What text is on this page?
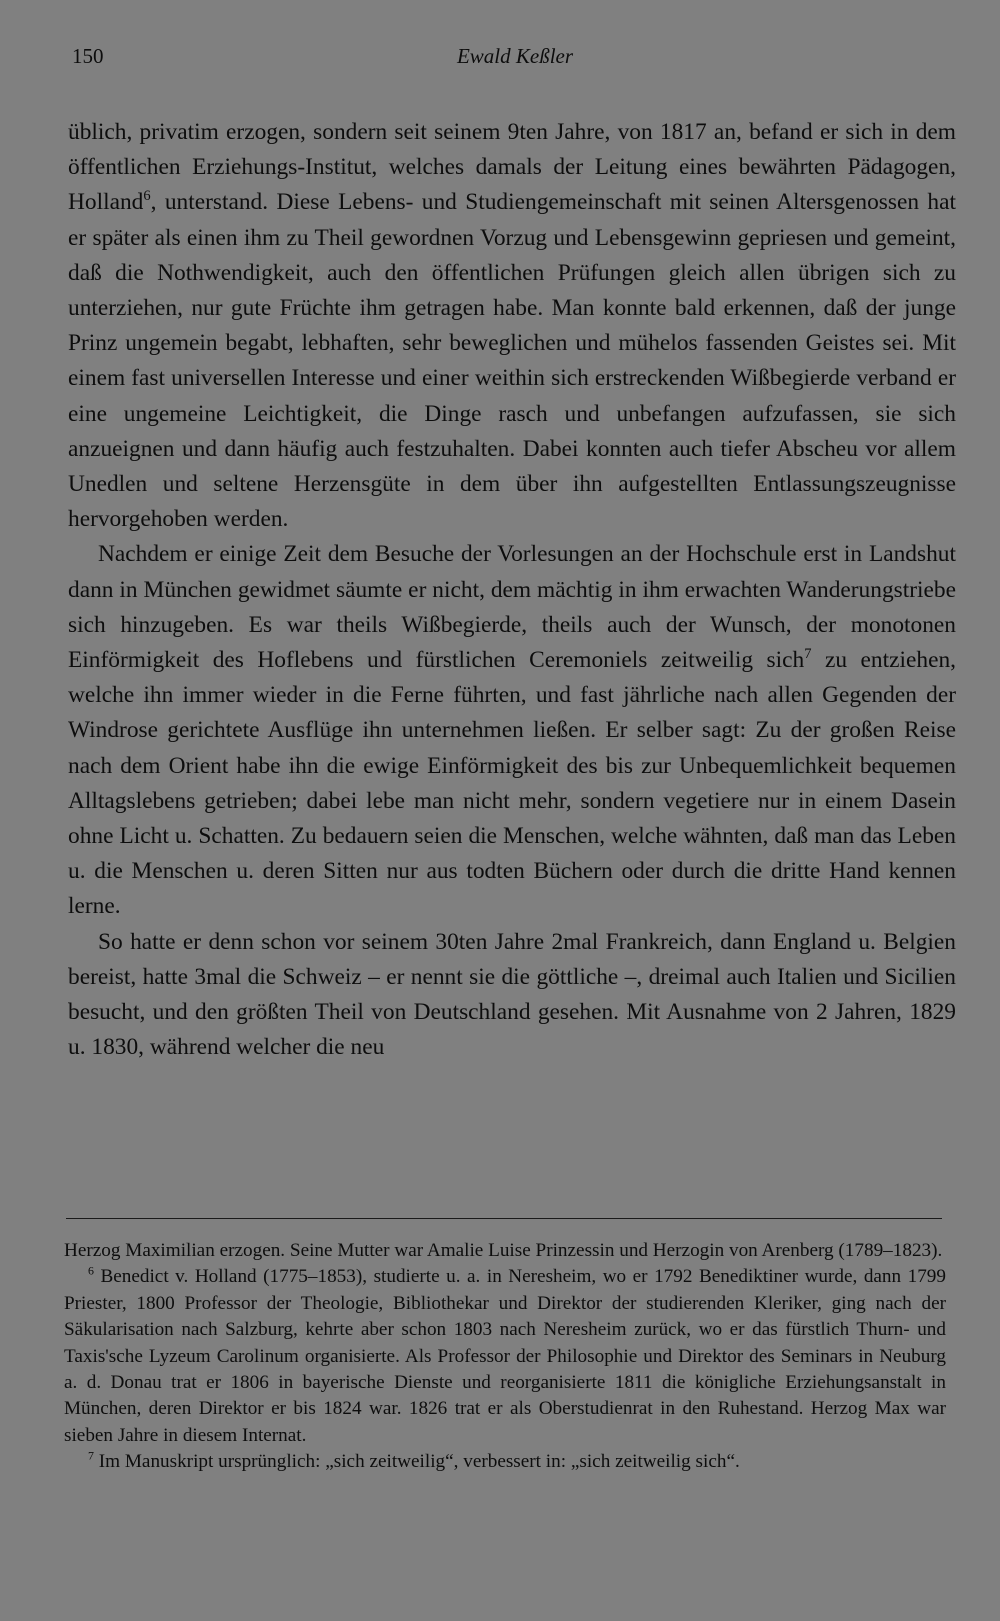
150	Ewald Keßler

üblich, privatim erzogen, sondern seit seinem 9ten Jahre, von 1817 an, befand er sich in dem öffentlichen Erziehungs-Institut, welches damals der Leitung eines bewährten Pädagogen, Holland$^6$, unterstand. Diese Lebens- und Studiengemeinschaft mit seinen Altersgenossen hat er später als einen ihm zu Theil gewordnen Vorzug und Lebensgewinn gepriesen und gemeint, daß die Nothwendigkeit, auch den öffentlichen Prüfungen gleich allen übrigen sich zu unterziehen, nur gute Früchte ihm getragen habe. Man konnte bald erkennen, daß der junge Prinz ungemein begabt, lebhaften, sehr beweglichen und mühelos fassenden Geistes sei. Mit einem fast universellen Interesse und einer weithin sich erstreckenden Wißbegierde verband er eine ungemeine Leichtigkeit, die Dinge rasch und unbefangen aufzufassen, sie sich anzueignen und dann häufig auch festzuhalten. Dabei konnten auch tiefer Abscheu vor allem Unedlen und seltene Herzensgüte in dem über ihn aufgestellten Entlassungszeugnisse hervorgehoben werden.

Nachdem er einige Zeit dem Besuche der Vorlesungen an der Hochschule erst in Landshut dann in München gewidmet säumte er nicht, dem mächtig in ihm erwachten Wanderungstriebe sich hinzugeben. Es war theils Wißbegierde, theils auch der Wunsch, der monotonen Einförmigkeit des Hoflebens und fürstlichen Ceremoniels zeitweilig sich$^7$ zu entziehen, welche ihn immer wieder in die Ferne führten, und fast jährliche nach allen Gegenden der Windrose gerichtete Ausflüge ihn unternehmen ließen. Er selber sagt: Zu der großen Reise nach dem Orient habe ihn die ewige Einförmigkeit des bis zur Unbequemlichkeit bequemen Alltagslebens getrieben; dabei lebe man nicht mehr, sondern vegetiere nur in einem Dasein ohne Licht u. Schatten. Zu bedauern seien die Menschen, welche wähnten, daß man das Leben u. die Menschen u. deren Sitten nur aus todten Büchern oder durch die dritte Hand kennen lerne.

So hatte er denn schon vor seinem 30ten Jahre 2mal Frankreich, dann England u. Belgien bereist, hatte 3mal die Schweiz – er nennt sie die göttliche –, dreimal auch Italien und Sicilien besucht, und den größten Theil von Deutschland gesehen. Mit Ausnahme von 2 Jahren, 1829 u. 1830, während welcher die neu

Herzog Maximilian erzogen. Seine Mutter war Amalie Luise Prinzessin und Herzogin von Arenberg (1789–1823).

$^6$ Benedict v. Holland (1775–1853), studierte u. a. in Neresheim, wo er 1792 Benediktiner wurde, dann 1799 Priester, 1800 Professor der Theologie, Bibliothekar und Direktor der studierenden Kleriker, ging nach der Säkularisation nach Salzburg, kehrte aber schon 1803 nach Neresheim zurück, wo er das fürstlich Thurn- und Taxis'sche Lyzeum Carolinum organisierte. Als Professor der Philosophie und Direktor des Seminars in Neuburg a. d. Donau trat er 1806 in bayerische Dienste und reorganisierte 1811 die königliche Erziehungsanstalt in München, deren Direktor er bis 1824 war. 1826 trat er als Oberstudienrat in den Ruhestand. Herzog Max war sieben Jahre in diesem Internat.

$^7$ Im Manuskript ursprünglich: „sich zeitweilig“, verbessert in: „sich zeitweilig sich“.
